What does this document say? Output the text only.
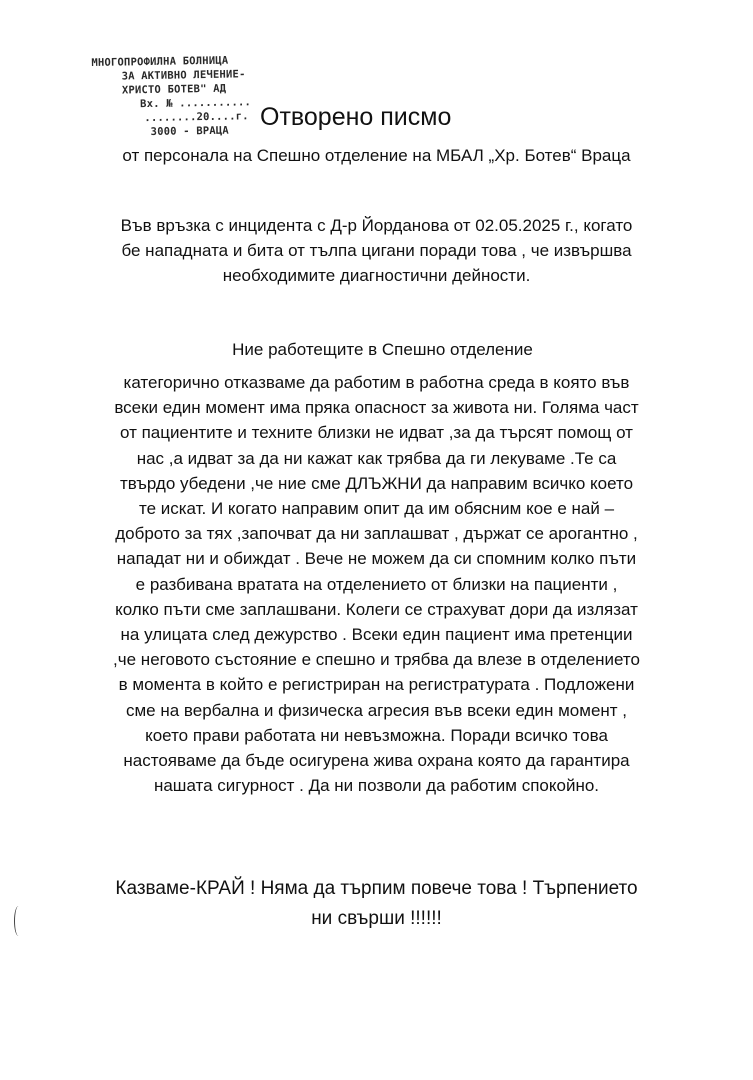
МНОГОПРОФИЛНА БОЛНИЦА
ЗА АКТИВНО ЛЕЧЕНИЕ-
ХРИСТО БОТЕВ" АД
Вх. № ...........
........20....г.
3000 - ВРАЦА
Отворено писмо
от персонала на Спешно отделение на МБАЛ „Хр. Ботев“ Враца
Във връзка с инцидента с Д-р Йорданова от 02.05.2025 г., когато
бе нападната и бита от тълпа цигани поради това , че извършва
необходимите диагностични дейности.
Ние работещите в Спешно отделение
категорично отказваме да работим в работна среда в която във
всеки един момент има пряка опасност за живота ни. Голяма част
от пациентите и техните близки не идват ,за да търсят помощ от
нас ,а идват за да ни кажат как трябва да ги лекуваме .Те са
твърдо убедени ,че ние сме ДЛЪЖНИ да направим всичко което
те искат. И когато направим опит да им обясним кое е най –
доброто за тях ,започват да ни заплашват , държат се арогантно ,
нападат ни и обиждат . Вече не можем да си спомним колко пъти
е разбивана вратата на отделението от близки на пациенти ,
колко пъти сме заплашвани. Колеги се страхуват дори да излязат
на улицата след дежурство . Всеки един пациент има претенции
,че неговото състояние е спешно и трябва да влезе в отделението
в момента в който е регистриран на регистратурата . Подложени
сме на вербална и физическа агресия във всеки един момент ,
което прави работата ни невъзможна. Поради всичко това
настояваме да бъде осигурена жива охрана която да гарантира
нашата сигурност . Да ни позволи да работим спокойно.
Казваме-КРАЙ ! Няма да търпим повече това ! Търпението
ни свърши !!!!!!
